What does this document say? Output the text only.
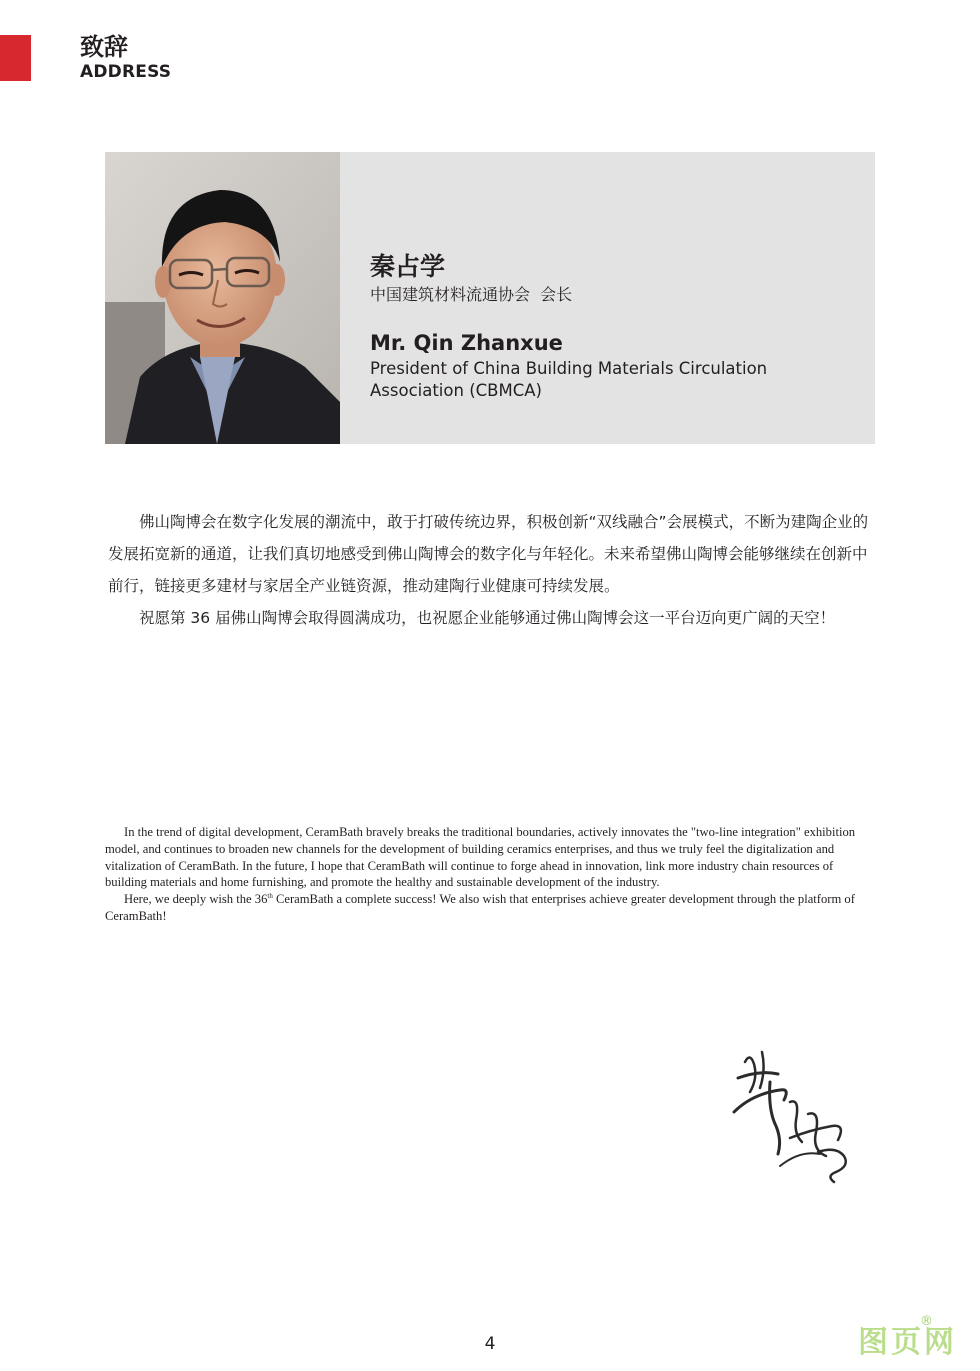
致辞
ADDRESS
秦占学
中国建筑材料流通协会  会长
Mr. Qin Zhanxue
President of China Building Materials Circulation
Association (CBMCA)

佛山陶博会在数字化发展的潮流中，敢于打破传统边界，积极创新“双线融合”会展模式，不断为建陶企业的发展拓宽新的通道，让我们真切地感受到佛山陶博会的数字化与年轻化。未来希望佛山陶博会能够继续在创新中前行，链接更多建材与家居全产业链资源，推动建陶行业健康可持续发展。

祝愿第 36 届佛山陶博会取得圆满成功，也祝愿企业能够通过佛山陶博会这一平台迈向更广阔的天空！

In the trend of digital development, CeramBath bravely breaks the traditional boundaries, actively innovates the "two-line integration" exhibition model, and continues to broaden new channels for the development of building ceramics enterprises, and thus we truly feel the digitalization and vitalization of CeramBath. In the future, I hope that CeramBath will continue to forge ahead in innovation, link more industry chain resources of building materials and home furnishing, and promote the healthy and sustainable development of the industry.

Here, we deeply wish the 36th CeramBath a complete success! We also wish that enterprises achieve greater development through the platform of CeramBath!

4	图页网
®
